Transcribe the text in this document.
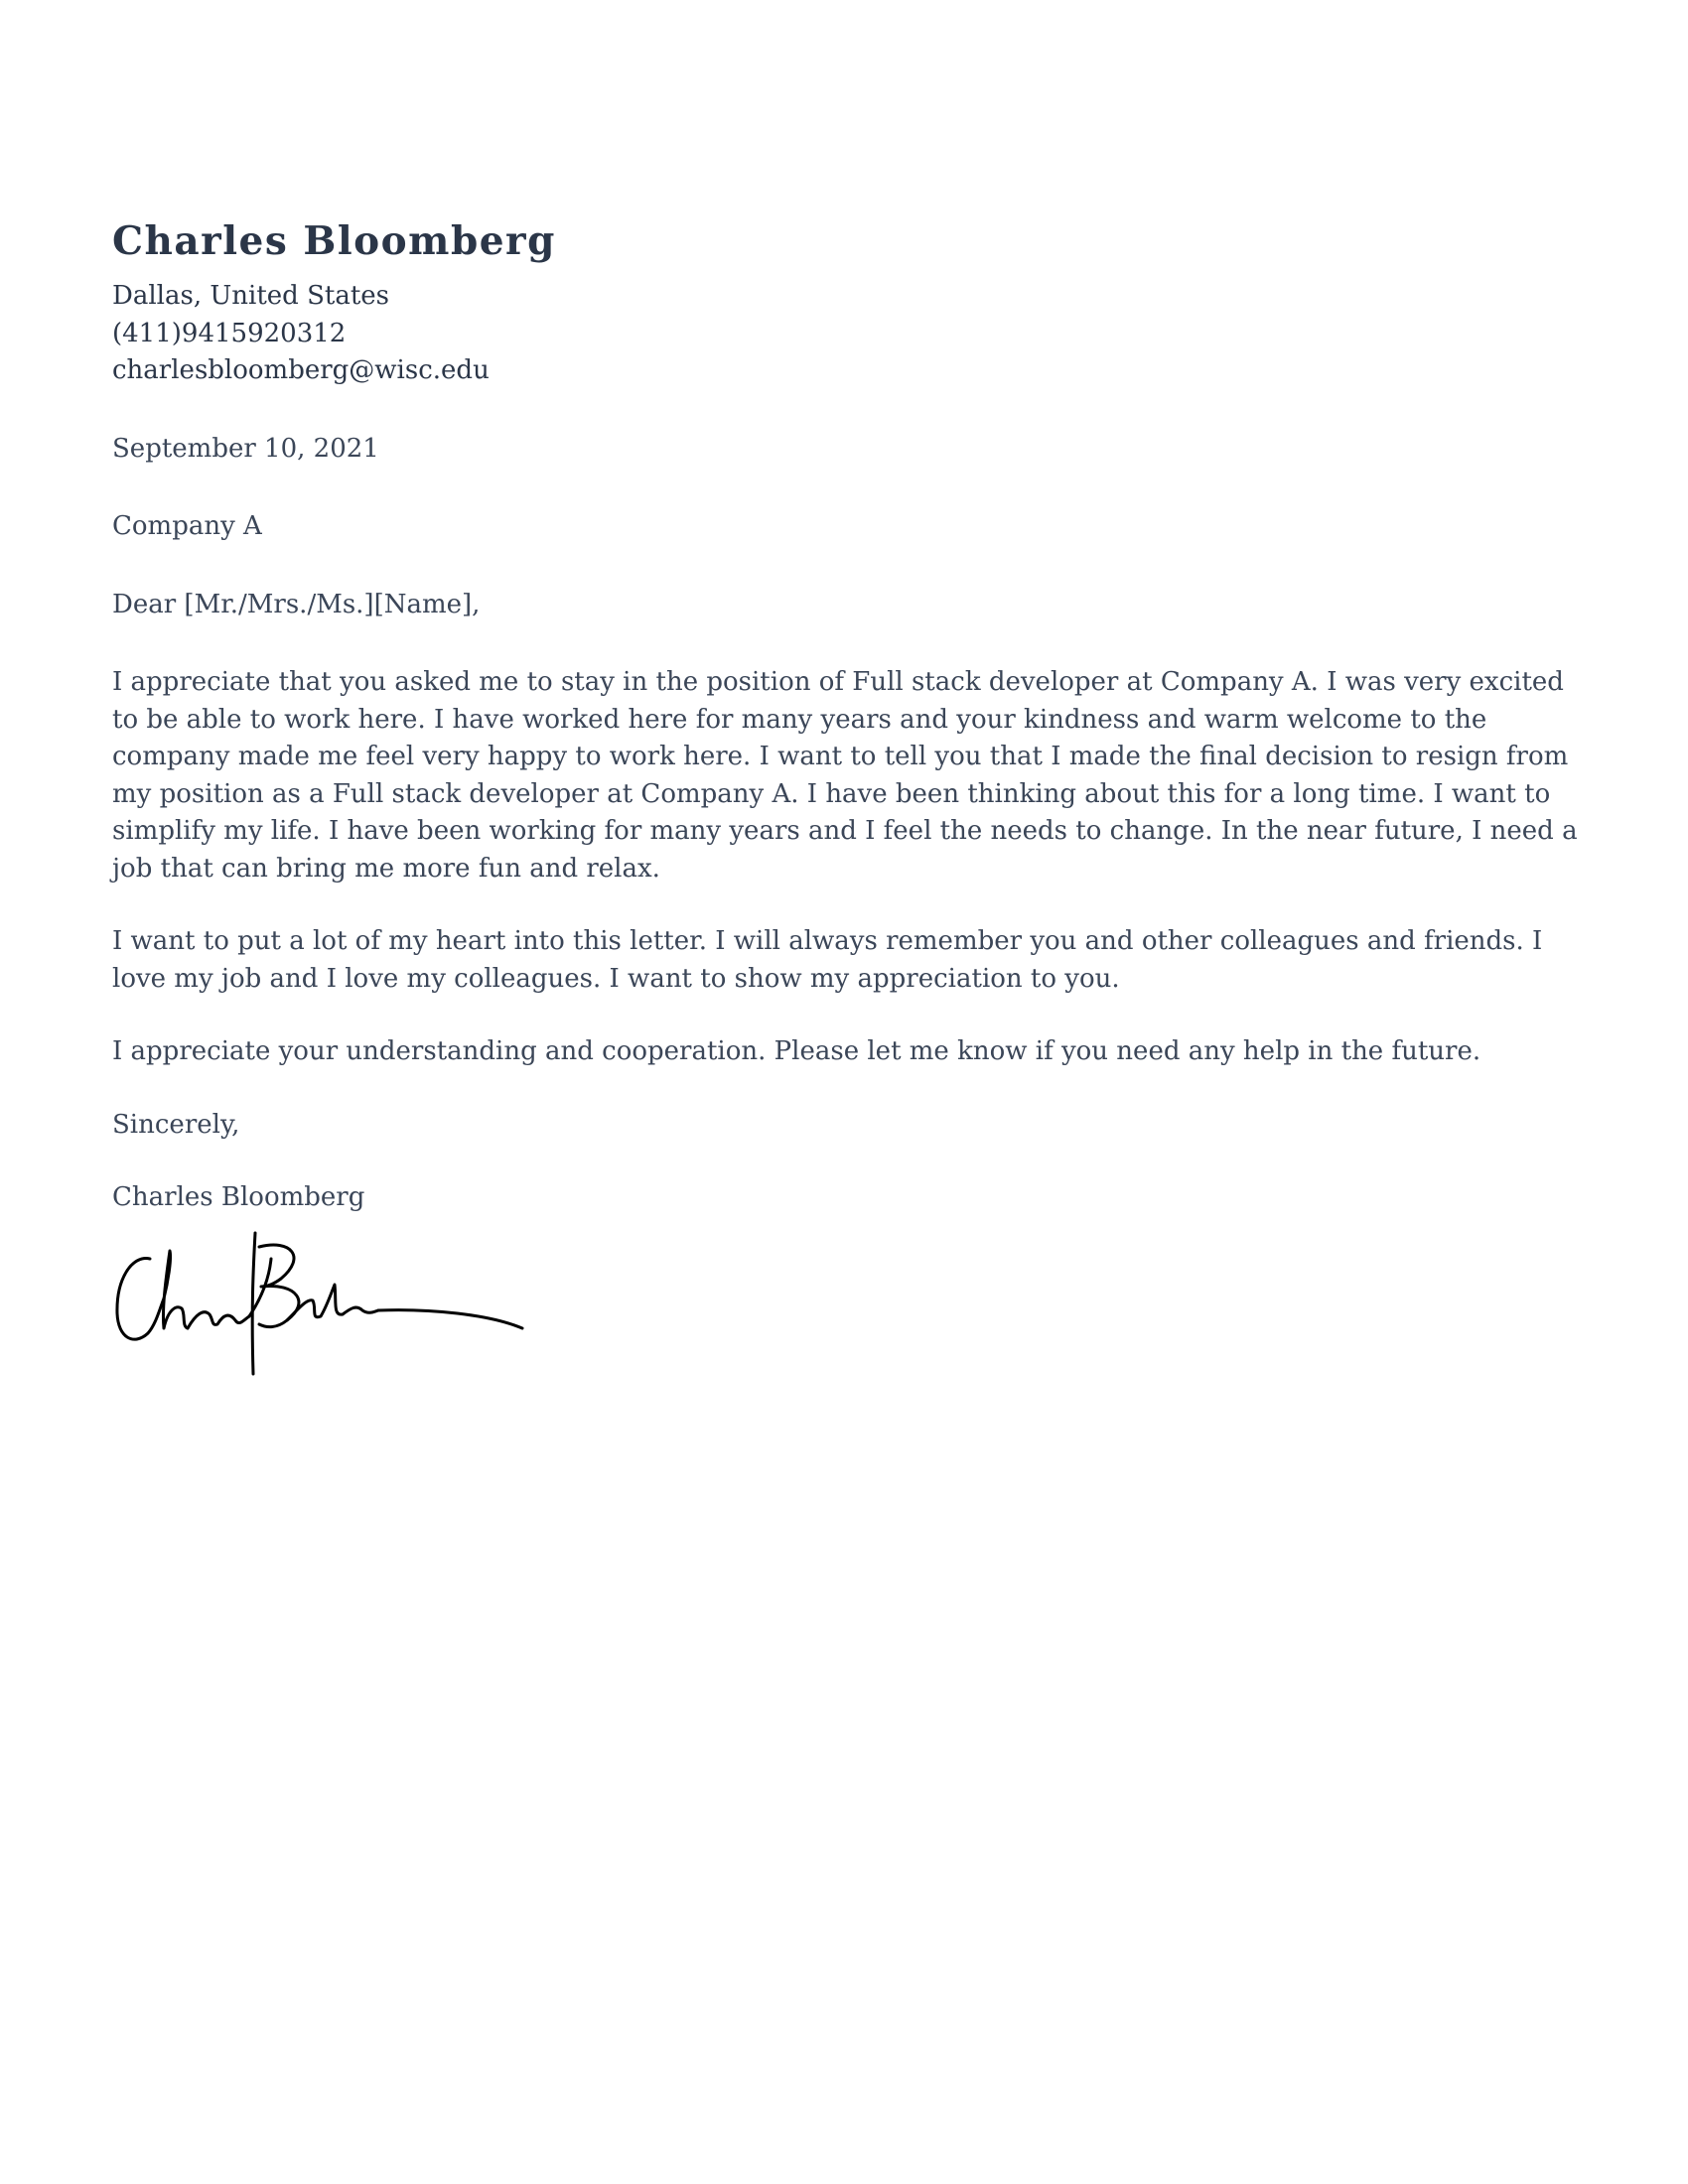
Charles Bloomberg
Dallas, United States
(411)9415920312
charlesbloomberg@wisc.edu
September 10, 2021
Company A
Dear [Mr./Mrs./Ms.][Name],
I appreciate that you asked me to stay in the position of Full stack developer at Company A. I was very excited to be able to work here. I have worked here for many years and your kindness and warm welcome to the company made me feel very happy to work here. I want to tell you that I made the final decision to resign from my position as a Full stack developer at Company A. I have been thinking about this for a long time. I want to simplify my life. I have been working for many years and I feel the needs to change. In the near future, I need a job that can bring me more fun and relax.
I want to put a lot of my heart into this letter. I will always remember you and other colleagues and friends. I love my job and I love my colleagues. I want to show my appreciation to you.
I appreciate your understanding and cooperation. Please let me know if you need any help in the future.
Sincerely,
Charles Bloomberg
